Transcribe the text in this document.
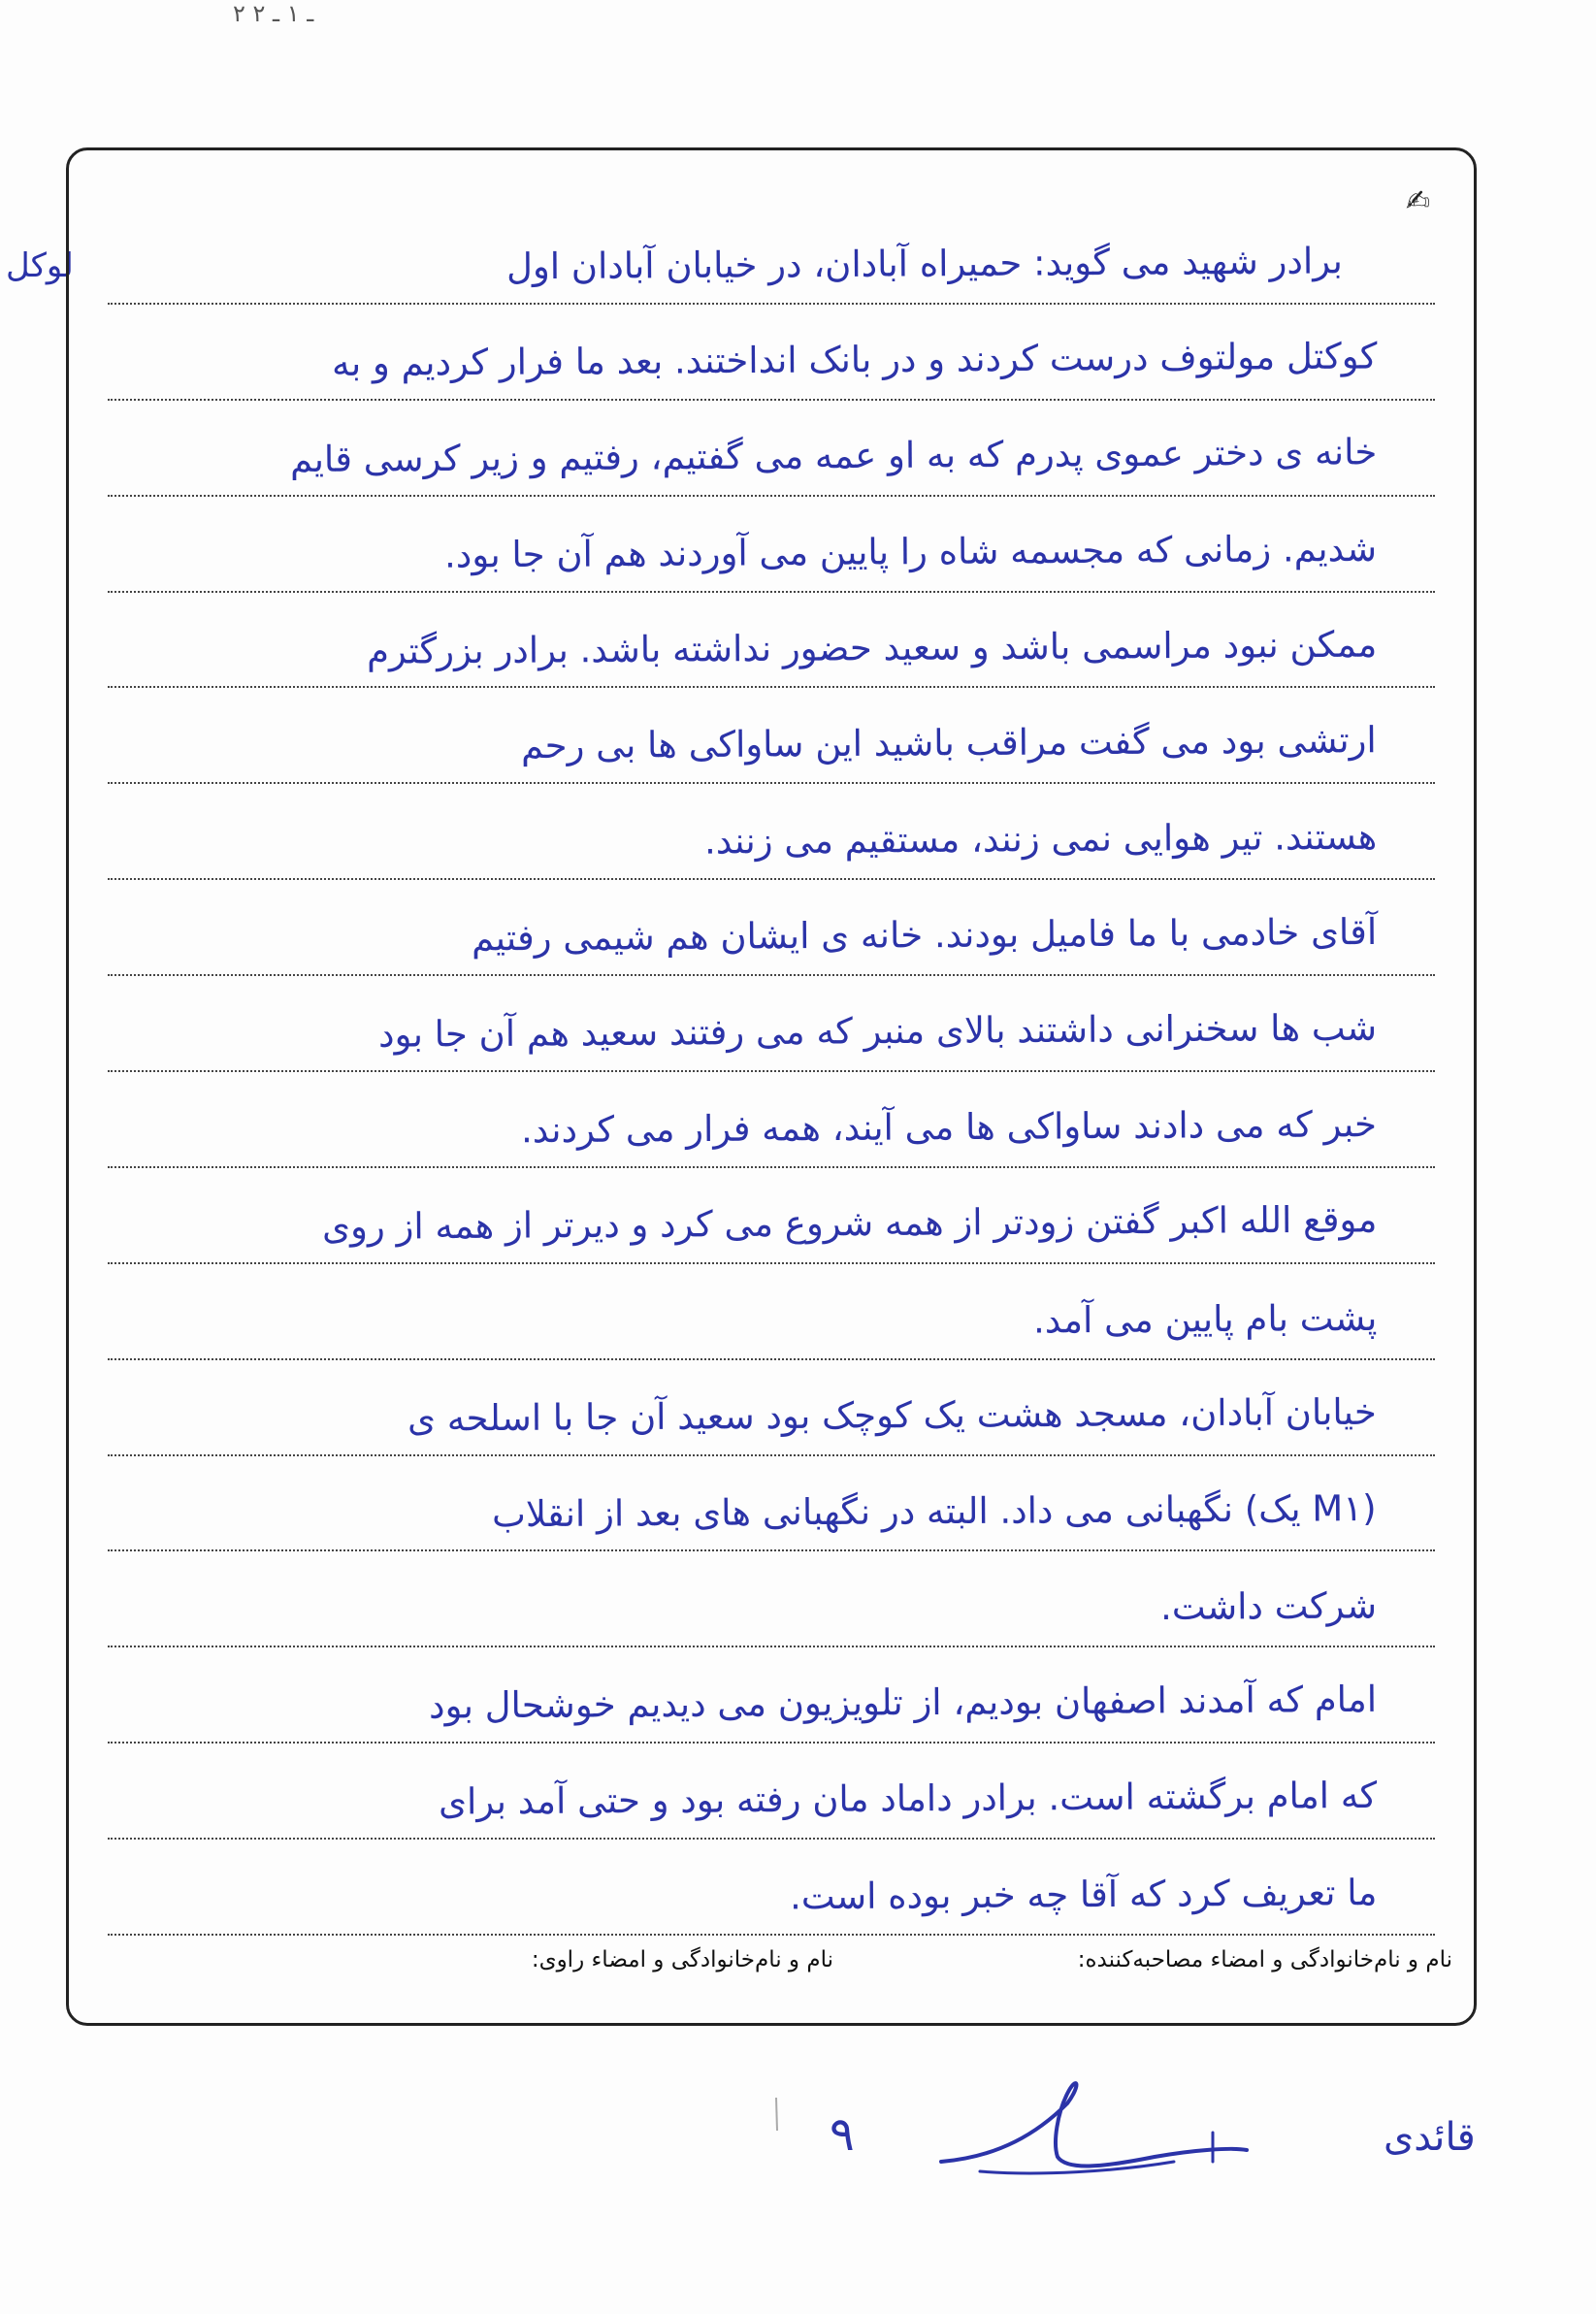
۲ ـ ۱ ـ ۲
لوکل
✍
برادر شهید می گوید: حمیراه آبادان، در خیابان آبادان اول
کوکتل مولتوف درست کردند و در بانک انداختند. بعد ما فرار کردیم و به
خانه ی دختر عموی پدرم که به او عمه می گفتیم، رفتیم و زیر کرسی قایم
شدیم. زمانی که مجسمه شاه را پایین می آوردند هم آن جا بود.
ممکن نبود مراسمی باشد و سعید حضور نداشته باشد. برادر بزرگترم
ارتشی بود می گفت مراقب باشید این ساواکی ها بی رحم
هستند. تیر هوایی نمی زنند، مستقیم می زنند.
آقای خادمی با ما فامیل بودند. خانه ی ایشان هم شیمی رفتیم
شب ها سخنرانی داشتند بالای منبر که می رفتند سعید هم آن جا بود
خبر که می دادند ساواکی ها می آیند، همه فرار می کردند.
موقع الله اکبر گفتن زودتر از همه شروع می کرد و دیرتر از همه از روی
پشت بام پایین می آمد.
خیابان آبادان، مسجد هشت یک کوچک بود سعید آن جا با اسلحه ی
(M۱ یک) نگهبانی می داد. البته در نگهبانی های بعد از انقلاب
شرکت داشت.
امام که آمدند اصفهان بودیم، از تلویزیون می دیدیم خوشحال بود
که امام برگشته است. برادر داماد مان رفته بود و حتی آمد برای
ما تعریف کرد که آقا چه خبر بوده است.
نام و نام‌خانوادگی و امضاء مصاحبه‌کننده:
نام و نام‌خانوادگی و امضاء راوی:
۹	قائدی
